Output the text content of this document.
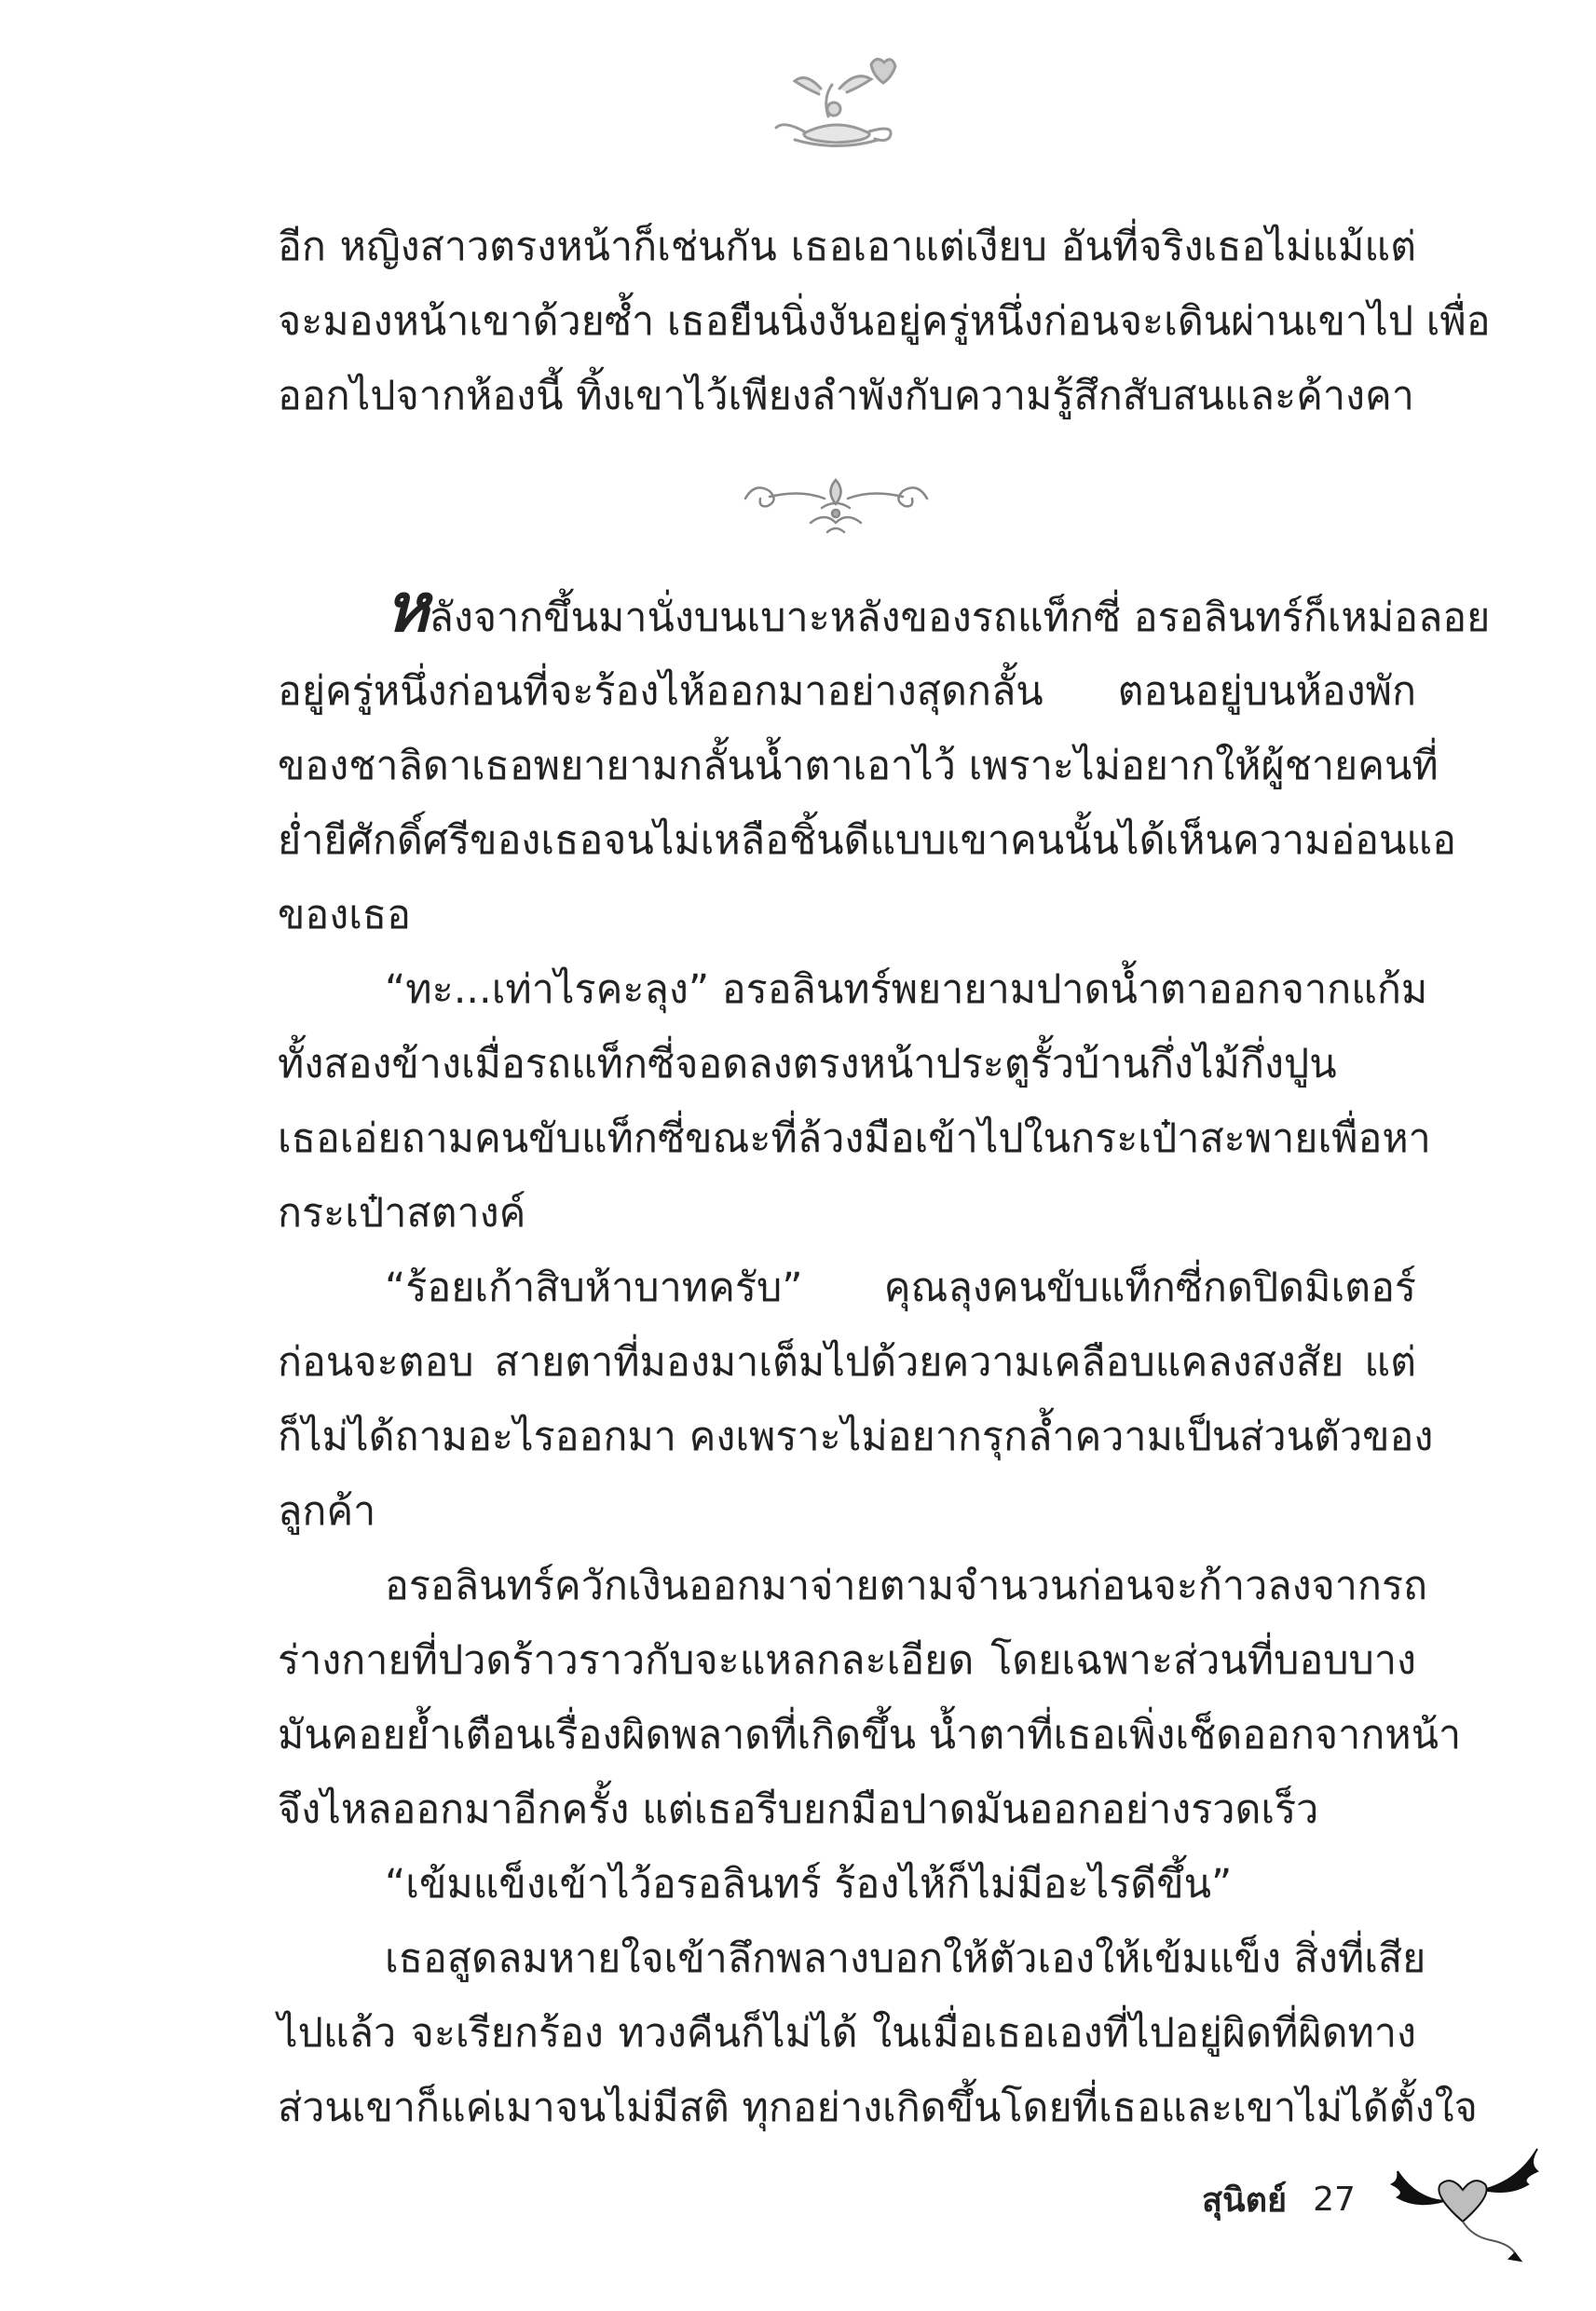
อีก หญิงสาวตรงหน้าก็เช่นกัน เธอเอาแต่เงียบ อันที่จริงเธอไม่แม้แต่
จะมองหน้าเขาด้วยซ้ำ เธอยืนนิ่งงันอยู่ครู่หนึ่งก่อนจะเดินผ่านเขาไป เพื่อ
ออกไปจากห้องนี้ ทิ้งเขาไว้เพียงลำพังกับความรู้สึกสับสนและค้างคา
หลังจากขึ้นมานั่งบนเบาะหลังของรถแท็กซี่ อรอลินทร์ก็เหม่อลอย
อยู่ครู่หนึ่งก่อนที่จะร้องไห้ออกมาอย่างสุดกลั้น ตอนอยู่บนห้องพัก
ของชาลิดาเธอพยายามกลั้นน้ำตาเอาไว้ เพราะไม่อยากให้ผู้ชายคนที่
ย่ำยีศักดิ์ศรีของเธอจนไม่เหลือชิ้นดีแบบเขาคนนั้นได้เห็นความอ่อนแอ
ของเธอ
“ทะ...เท่าไรคะลุง” อรอลินทร์พยายามปาดน้ำตาออกจากแก้ม
ทั้งสองข้างเมื่อรถแท็กซี่จอดลงตรงหน้าประตูรั้วบ้านกึ่งไม้กึ่งปูน
เธอเอ่ยถามคนขับแท็กซี่ขณะที่ล้วงมือเข้าไปในกระเป๋าสะพายเพื่อหา
กระเป๋าสตางค์
“ร้อยเก้าสิบห้าบาทครับ” คุณลุงคนขับแท็กซี่กดปิดมิเตอร์
ก่อนจะตอบ สายตาที่มองมาเต็มไปด้วยความเคลือบแคลงสงสัย แต่
ก็ไม่ได้ถามอะไรออกมา คงเพราะไม่อยากรุกล้ำความเป็นส่วนตัวของ
ลูกค้า
อรอลินทร์ควักเงินออกมาจ่ายตามจำนวนก่อนจะก้าวลงจากรถ
ร่างกายที่ปวดร้าวราวกับจะแหลกละเอียด โดยเฉพาะส่วนที่บอบบาง
มันคอยย้ำเตือนเรื่องผิดพลาดที่เกิดขึ้น น้ำตาที่เธอเพิ่งเช็ดออกจากหน้า
จึงไหลออกมาอีกครั้ง แต่เธอรีบยกมือปาดมันออกอย่างรวดเร็ว
“เข้มแข็งเข้าไว้อรอลินทร์ ร้องไห้ก็ไม่มีอะไรดีขึ้น”
เธอสูดลมหายใจเข้าลึกพลางบอกให้ตัวเองให้เข้มแข็ง สิ่งที่เสีย
ไปแล้ว จะเรียกร้อง ทวงคืนก็ไม่ได้ ในเมื่อเธอเองที่ไปอยู่ผิดที่ผิดทาง
ส่วนเขาก็แค่เมาจนไม่มีสติ ทุกอย่างเกิดขึ้นโดยที่เธอและเขาไม่ได้ตั้งใจ
สุนิตย์ 27
